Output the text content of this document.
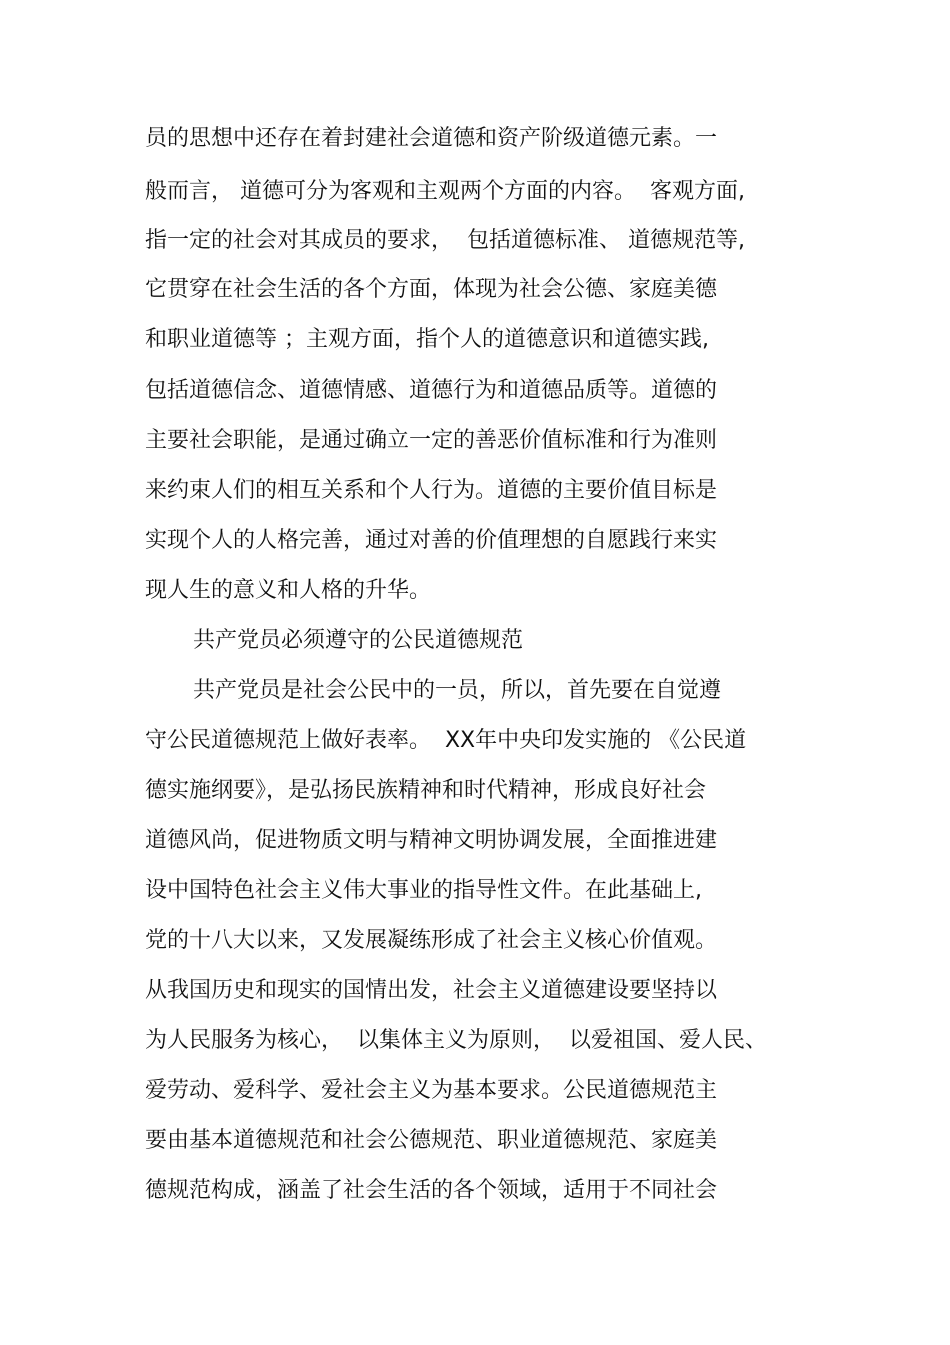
员的思想中还存在着封建社会道德和资产阶级道德元素。一

般而言， 道德可分为客观和主观两个方面的内容。  客观方面,

指一定的社会对其成员的要求，  包括道德标准、 道德规范等,

它贯穿在社会生活的各个方面，体现为社会公德、家庭美德

和职业道德等 ；主观方面，指个人的道德意识和道德实践,

包括道德信念、道德情感、道德行为和道德品质等。道德的

主要社会职能，是通过确立一定的善恶价值标准和行为准则

来约束人们的相互关系和个人行为。道德的主要价值目标是

实现个人的人格完善，通过对善的价值理想的自愿践行来实

现人生的意义和人格的升华。

共产党员必须遵守的公民道德规范

共产党员是社会公民中的一员，所以，首先要在自觉遵

守公民道德规范上做好表率。  XX年中央印发实施的 《公民道

德实施纲要》，是弘扬民族精神和时代精神，形成良好社会

道德风尚，促进物质文明与精神文明协调发展，全面推进建

设中国特色社会主义伟大事业的指导性文件。在此基础上,

党的十八大以来，又发展凝练形成了社会主义核心价值观。

从我国历史和现实的国情出发，社会主义道德建设要坚持以

为人民服务为核心，  以集体主义为原则，  以爱祖国、爱人民、

爱劳动、爱科学、爱社会主义为基本要求。公民道德规范主

要由基本道德规范和社会公德规范、职业道德规范、家庭美

德规范构成，涵盖了社会生活的各个领域，适用于不同社会
